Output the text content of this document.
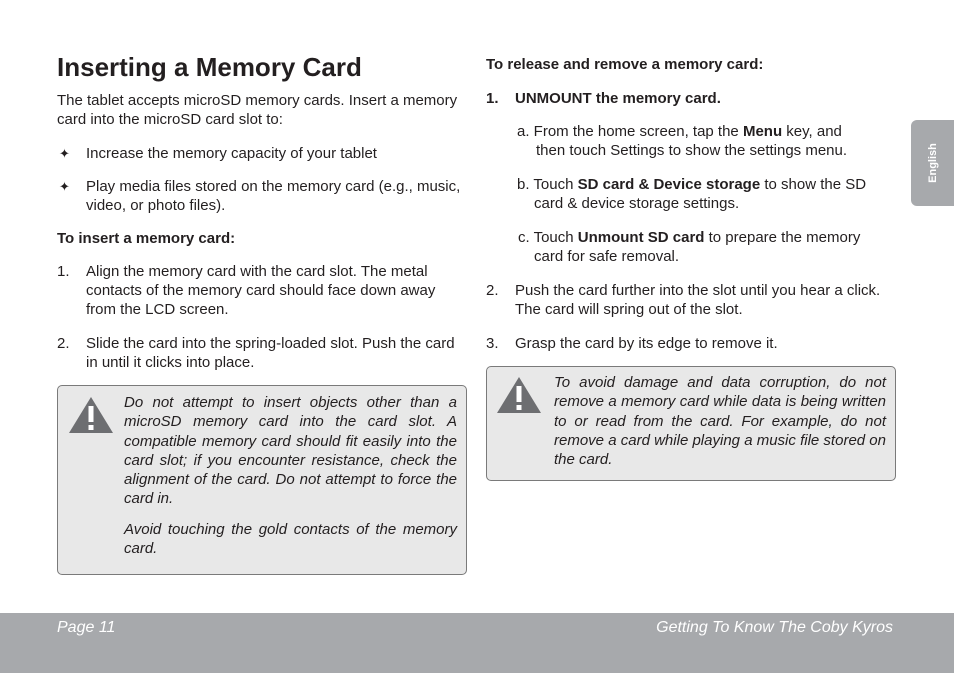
Inserting a Memory Card

The tablet accepts microSD memory cards. Insert a memory card into the microSD card slot to:

✦ Increase the memory capacity of your tablet
✦ Play media files stored on the memory card (e.g., music, video, or photo files).

To insert a memory card:

1. Align the memory card with the card slot. The metal contacts of the memory card should face down away from the LCD screen.
2. Slide the card into the spring-loaded slot. Push the card in until it clicks into place.
Do not attempt to insert objects other than a microSD memory card into the card slot. A compatible memory card should fit easily into the card slot; if you encounter resistance, check the alignment of the card. Do not attempt to force the card in.
Avoid touching the gold contacts of the memory card.

To release and remove a memory card:

1. UNMOUNT the memory card.
a. From the home screen, tap the Menu key, and
then touch Settings to show the settings menu.
b. Touch SD card & Device storage to show the SD
card & device storage settings.
c. Touch Unmount SD card to prepare the memory
card for safe removal.
2. Push the card further into the slot until you hear a click. The card will spring out of the slot.
3. Grasp the card by its edge to remove it.
To avoid damage and data corruption, do not remove a memory card while data is being written to or read from the card. For example, do not remove a card while playing a music file stored on the card.
English
Page 11	Getting To Know The Coby Kyros
